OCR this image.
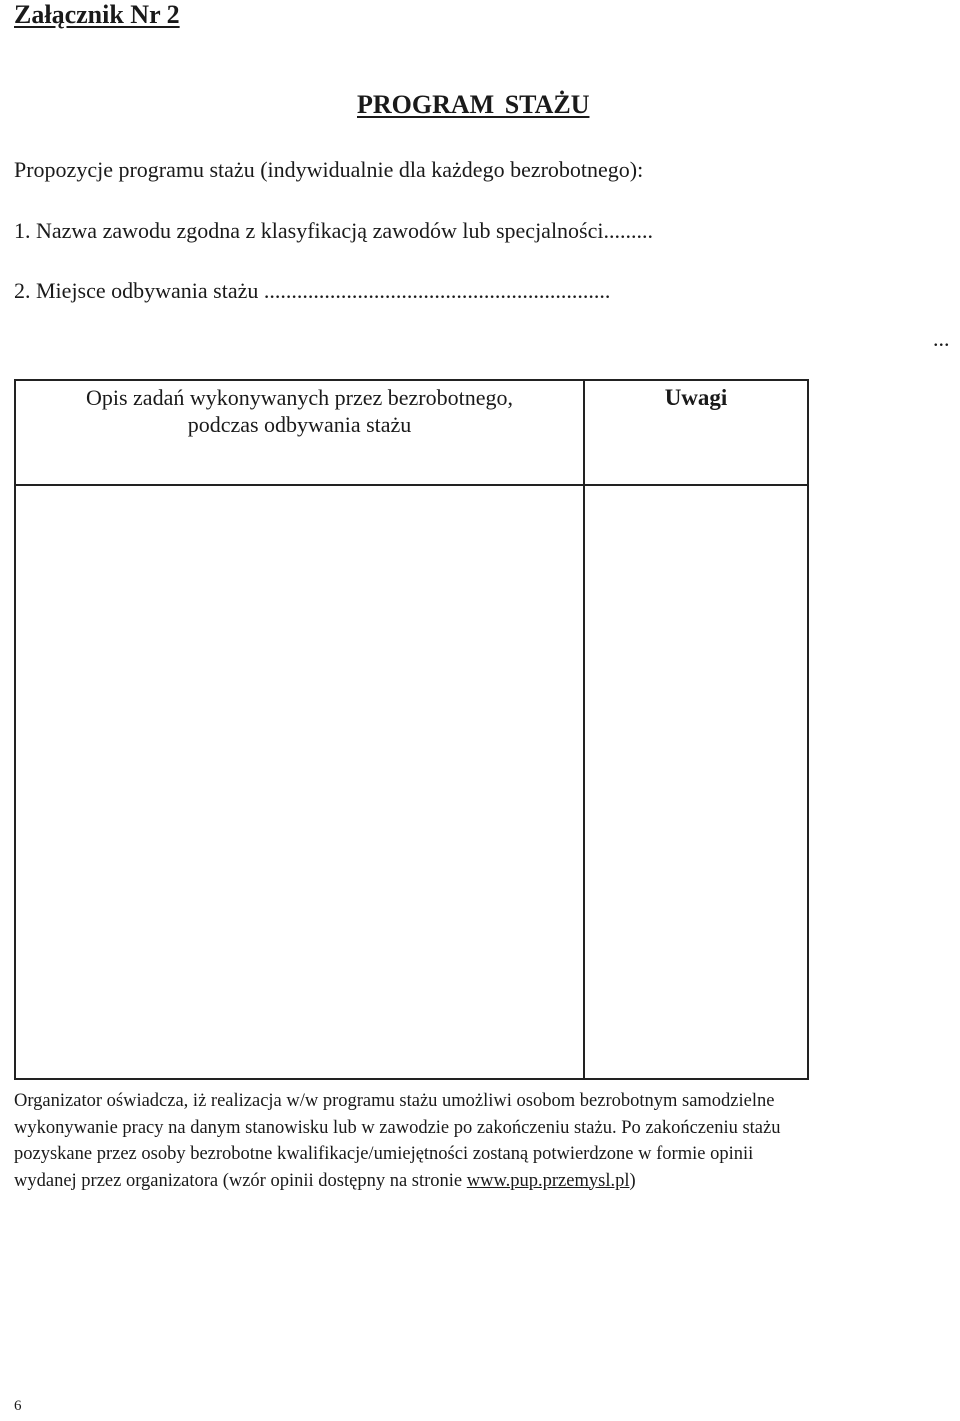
Załącznik Nr 2

PROGRAM STAŻU

Propozycje programu stażu (indywidualnie dla każdego bezrobotnego):

1. Nazwa zawodu zgodna z klasyfikacją zawodów lub specjalności.........

2. Miejsce odbywania stażu ...............................................................

...

Opis zadań wykonywanych przez bezrobotnego,
podczas odbywania stażu
Uwagi
Organizator oświadcza, iż realizacja w/w programu stażu umożliwi osobom bezrobotnym samodzielne
wykonywanie pracy na danym stanowisku lub w zawodzie po zakończeniu stażu. Po zakończeniu stażu
pozyskane przez osoby bezrobotne kwalifikacje/umiejętności zostaną potwierdzone w formie opinii
wydanej przez organizatora (wzór opinii dostępny na stronie www.pup.przemysl.pl)

6
